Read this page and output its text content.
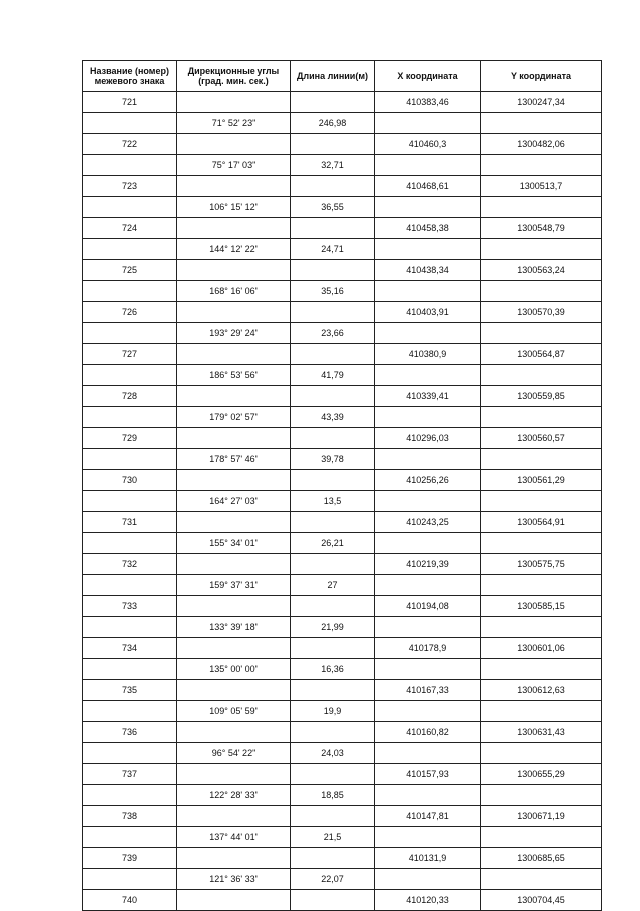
Название (номер) межевого знака	Дирекционные углы (град. мин. сек.)	Длина линии(м)	X координата	Y координата
721			410383,46	1300247,34
	71° 52' 23"	246,98		
722			410460,3	1300482,06
	75° 17' 03"	32,71		
723			410468,61	1300513,7
	106° 15' 12"	36,55		
724			410458,38	1300548,79
	144° 12' 22"	24,71		
725			410438,34	1300563,24
	168° 16' 06"	35,16		
726			410403,91	1300570,39
	193° 29' 24"	23,66		
727			410380,9	1300564,87
	186° 53' 56"	41,79		
728			410339,41	1300559,85
	179° 02' 57"	43,39		
729			410296,03	1300560,57
	178° 57' 46"	39,78		
730			410256,26	1300561,29
	164° 27' 03"	13,5		
731			410243,25	1300564,91
	155° 34' 01"	26,21		
732			410219,39	1300575,75
	159° 37' 31"	27		
733			410194,08	1300585,15
	133° 39' 18"	21,99		
734			410178,9	1300601,06
	135° 00' 00"	16,36		
735			410167,33	1300612,63
	109° 05' 59"	19,9		
736			410160,82	1300631,43
	96° 54' 22"	24,03		
737			410157,93	1300655,29
	122° 28' 33"	18,85		
738			410147,81	1300671,19
	137° 44' 01"	21,5		
739			410131,9	1300685,65
	121° 36' 33"	22,07		
740			410120,33	1300704,45
